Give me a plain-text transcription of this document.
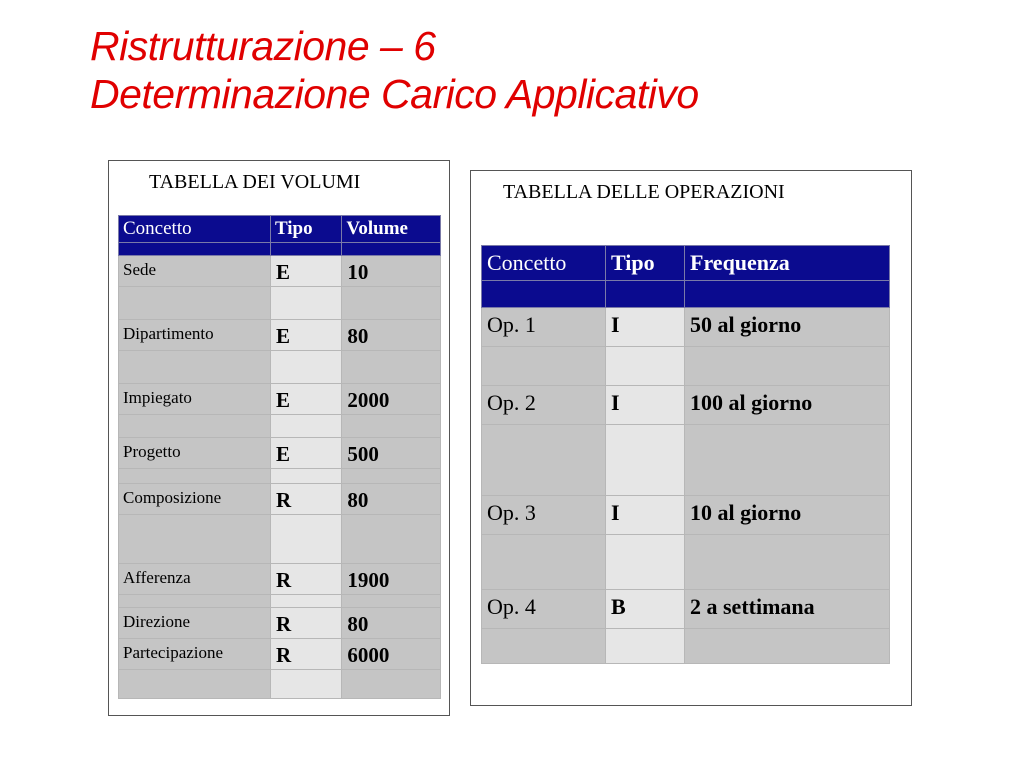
Ristrutturazione – 6
Determinazione Carico Applicativo
TABELLA DEI VOLUMI
Concetto	Tipo	Volume

Sede	E	10

Dipartimento	E	80

Impiegato	E	2000

Progetto	E	500

Composizione	R	80

Afferenza	R	1900

Direzione	R	80

Partecipazione	R	6000

TABELLA DELLE OPERAZIONI
Concetto	Tipo	Frequenza

Op. 1	I	50 al giorno

Op. 2	I	100 al giorno

Op. 3	I	10 al giorno

Op. 4	B	2 a settimana
